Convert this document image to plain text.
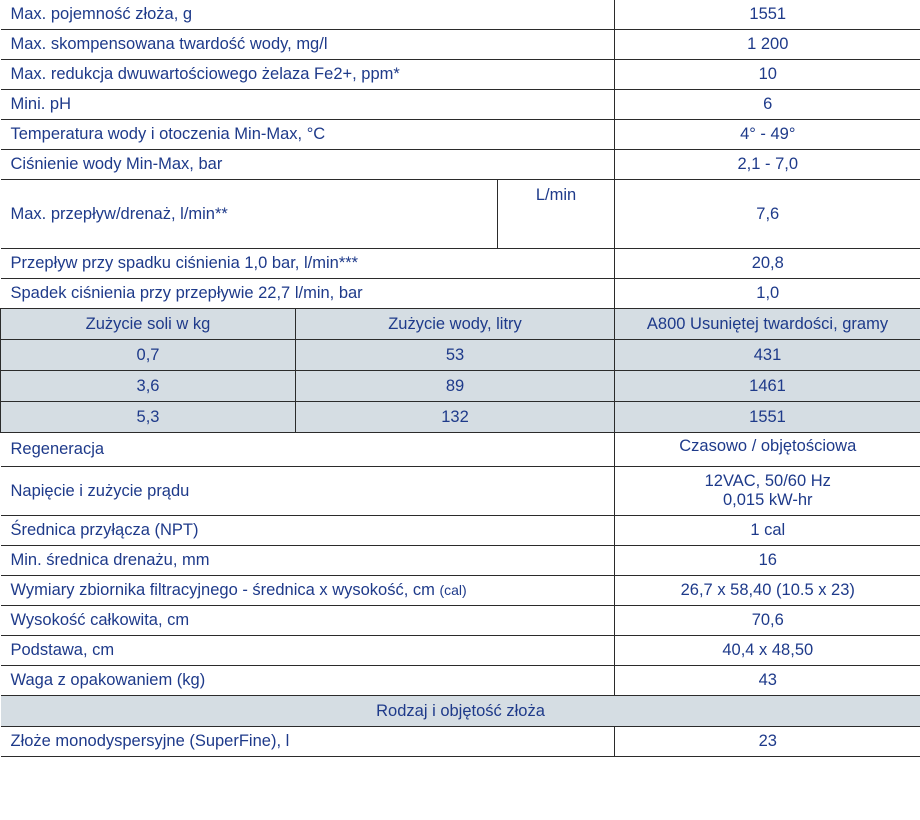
Max. pojemność złoża, g			1551
Max. skompensowana twardość wody, mg/l			1 200
Max. redukcja dwuwartościowego żelaza Fe2+, ppm*			10
Mini. pH			6
Temperatura wody i otoczenia Min-Max, °C			4° - 49°
Ciśnienie wody Min-Max, bar			2,1 - 7,0
Max. przepływ/drenaż, l/min**		L/min	7,6
Przepływ przy spadku ciśnienia 1,0 bar, l/min***			20,8
Spadek ciśnienia przy przepływie 22,7 l/min, bar			1,0
Zużycie soli w kg	Zużycie wody, litry		A800 Usuniętej twardości, gramy
0,7	53		431
3,6	89		1461
5,3	132		1551
Regeneracja			Czasowo / objętościowa
Napięcie i zużycie prądu			12VAC, 50/60 Hz
0,015 kW-hr

Średnica przyłącza (NPT)			1 cal
Min. średnica drenażu, mm			16
Wymiary zbiornika filtracyjnego - średnica x wysokość, cm (cal)			26,7 x 58,40 (10.5 x 23)
Wysokość całkowita, cm			70,6
Podstawa, cm			40,4 x 48,50
Waga z opakowaniem (kg)			43
Rodzaj i objętość złoża			
Złoże monodyspersyjne (SuperFine), l			23
